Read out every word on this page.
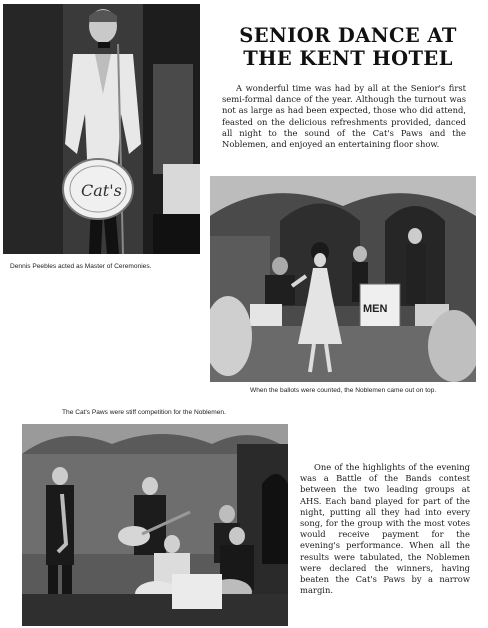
Cat's
SENIOR DANCE AT THE KENT HOTEL

A wonderful time was had by all at the Senior's first semi-formal dance of the year. Although the turnout was not as large as had been expected, those who did attend, feasted on the delicious refreshments provided, danced all night to the sound of the Cat's Paws and the Noblemen, and enjoyed an entertaining floor show.

Dennis Peebles acted as Master of Ceremonies.

MEN

When the ballots were counted, the Noblemen came out on top.

The Cat's Paws were stiff competition for the Noblemen.

One of the highlights of the evening was a Battle of the Bands contest between the two leading groups at AHS. Each band played for part of the night, putting all they had into every song, for the group with the most votes would receive payment for the evening's performance. When all the results were tabulated, the Noblemen were declared the winners, having beaten the Cat's Paws by a narrow margin.
